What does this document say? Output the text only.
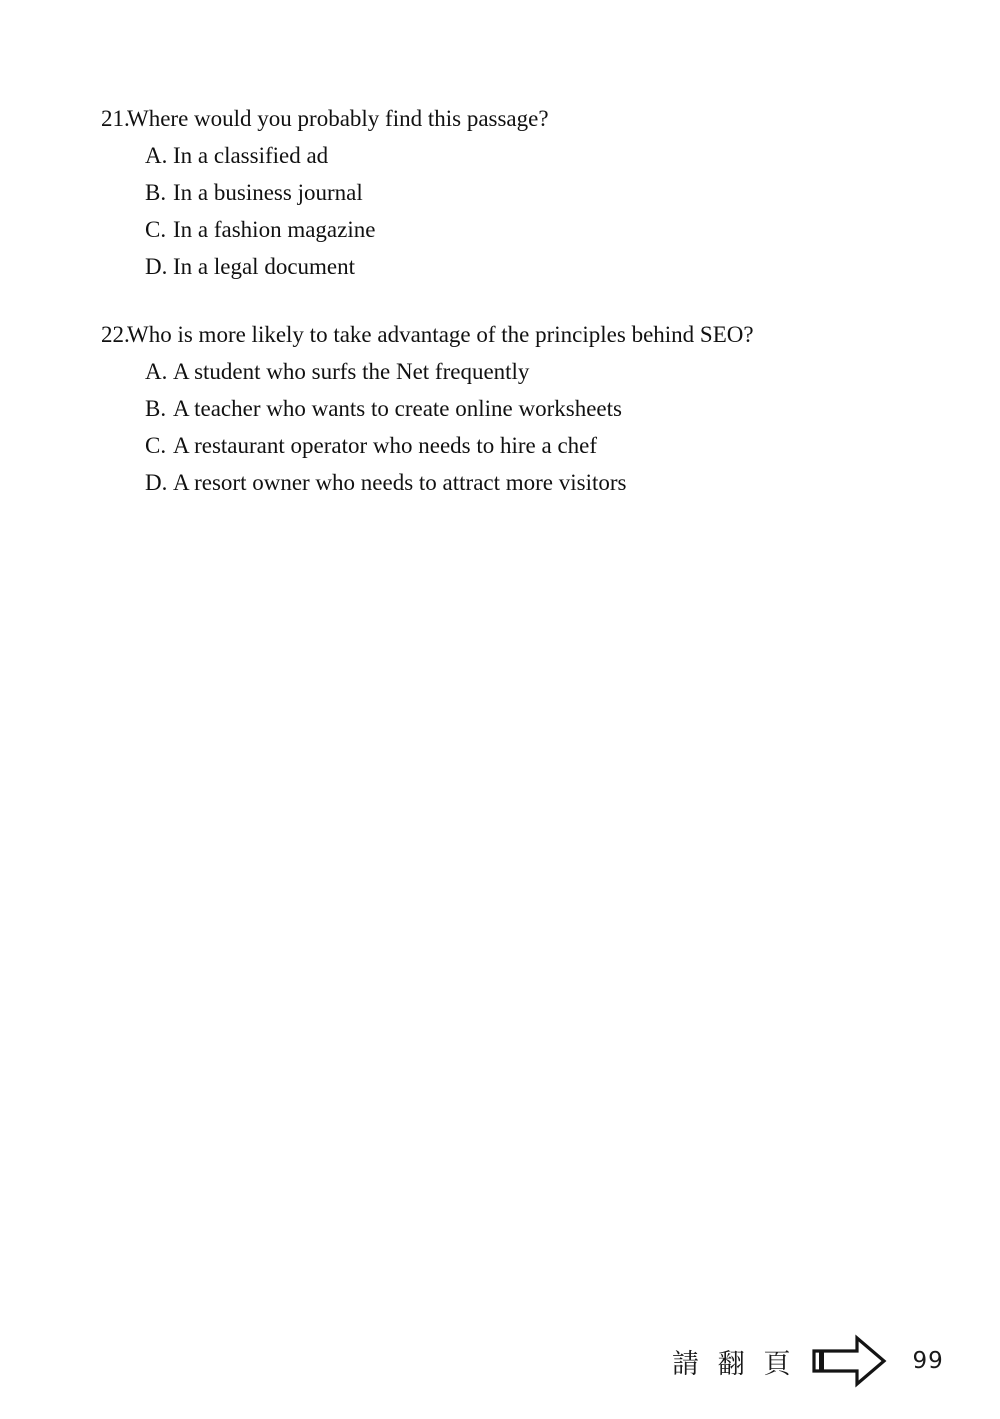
21.
Where would you probably find this passage?
A. In a classified ad
B. In a business journal
C. In a fashion magazine
D. In a legal document
22.
Who is more likely to take advantage of the principles behind SEO?
A. A student who surfs the Net frequently
B. A teacher who wants to create online worksheets
C. A restaurant operator who needs to hire a chef
D. A resort owner who needs to attract more visitors
請 翻 頁	99
